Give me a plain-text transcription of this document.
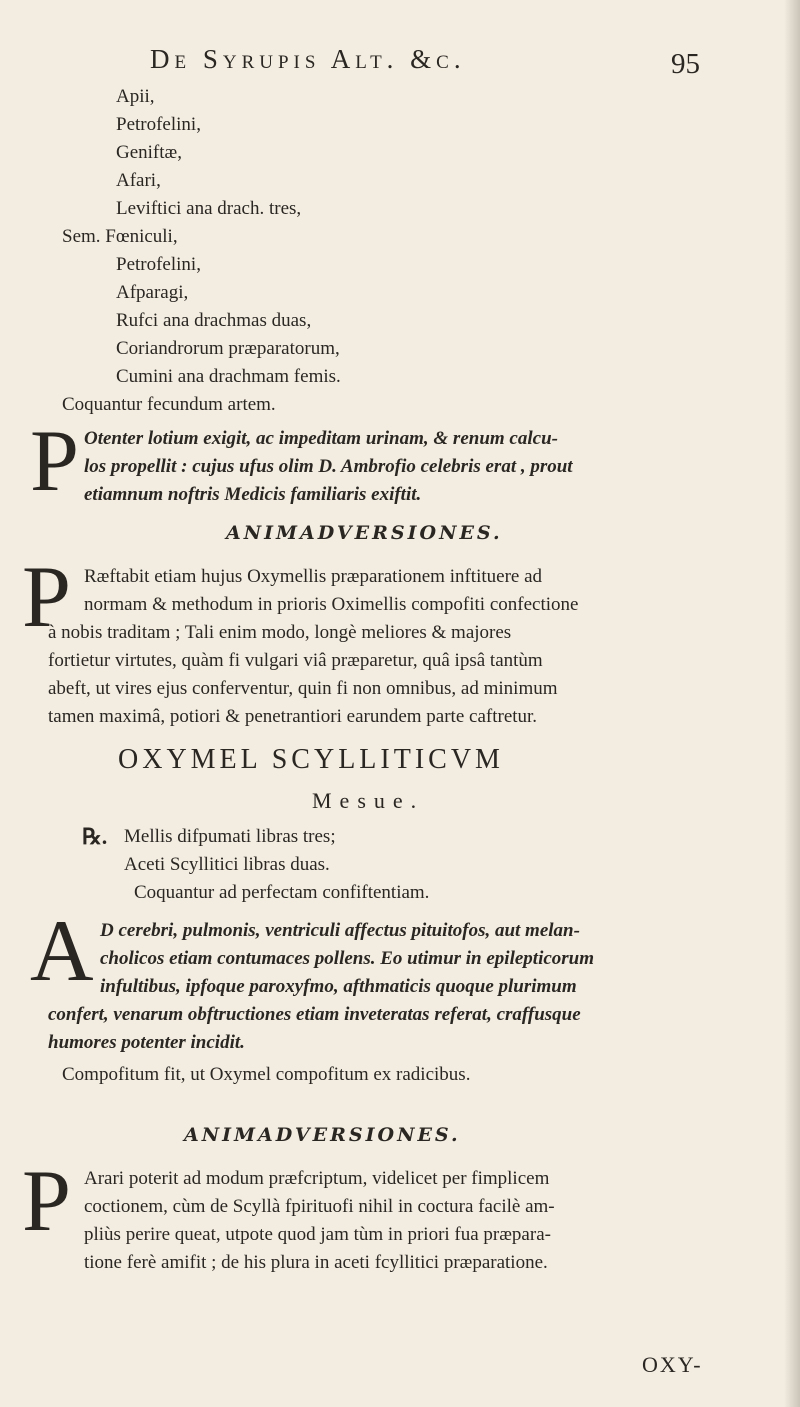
De Syrupis Alt. &c.	95
Apii,
Petrofelini,
Geniftæ,
Afari,
Leviftici ana drach. tres,
Sem. Fœniculi,
Petrofelini,
Afparagi,
Rufci ana drachmas duas,
Coriandrorum præparatorum,
Cumini ana drachmam femis.
Coquantur fecundum artem.
P Otenter lotium exigit, ac impeditam urinam, & renum calcu-
los propellit : cujus ufus olim D. Ambrofio celebris erat , prout
etiamnum noftris Medicis familiaris exiftit.
ANIMADVERSIONES.
P Ræftabit etiam hujus Oxymellis præparationem inftituere ad
normam & methodum in prioris Oximellis compofiti confectione
à nobis traditam ; Tali enim modo, longè meliores & majores
fortietur virtutes, quàm fi vulgari viâ præparetur, quâ ipsâ tantùm
abeft, ut vires ejus conferventur, quin fi non omnibus, ad minimum
tamen maximâ, potiori & penetrantiori earundem parte caftretur.
OXYMEL SCYLLITICVM
Mesue.
℞. Mellis difpumati libras tres;
Aceti Scyllitici libras duas.
Coquantur ad perfectam confiftentiam.
A D cerebri, pulmonis, ventriculi affectus pituitofos, aut melan-
cholicos etiam contumaces pollens. Eo utimur in epilepticorum
infultibus, ipfoque paroxyfmo, afthmaticis quoque plurimum
confert, venarum obftructiones etiam inveteratas referat, craffusque
humores potenter incidit.
Compofitum fit, ut Oxymel compofitum ex radicibus.
ANIMADVERSIONES.
P Arari poterit ad modum præfcriptum, videlicet per fimplicem
coctionem, cùm de Scyllà fpirituofi nihil in coctura facilè am-
pliùs perire queat, utpote quod jam tùm in priori fua præpara-
tione ferè amifit ; de his plura in aceti fcyllitici præparatione.
OXY-
